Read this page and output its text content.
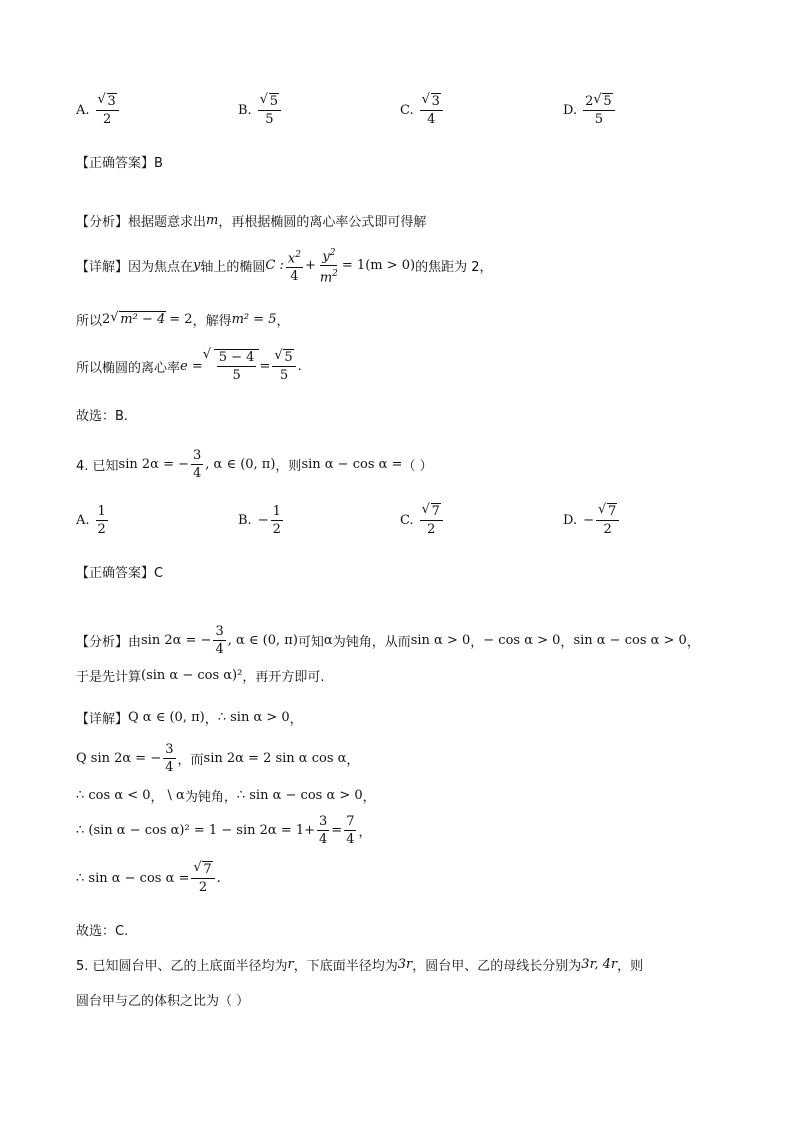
A. √ $\frac{3}{2}$	B. √ $\frac{5}{5}$	C. √ $\frac{3}{4}$	D. $\frac{2 √ 5}{5}$
【正确答案】B
【分析】根据题意求出 m ，再根据椭圆的离心率公式即可得解
【详解】因为焦点在 y 轴上的椭圆 C : $\frac{x^2}{4} + \frac{y^2}{m^2} = 1(m > 0)$ 的焦距为 2，
所以 2 √ m² − 4 = 2 ，解得 m² = 5 ，
所以椭圆的离心率 e = √ $\frac{5 - 4}{5}$ = √ $\frac{5}{5}$ .
故选：B.
4. 已知 sin 2α = − $\frac{3}{4}$ , α ∈ (0, π) ，则 sin α − cos α = （ ）
A. $\frac{1}{2}$	B. − $\frac{1}{2}$	C. √ $\frac{7}{2}$	D. − √ $\frac{7}{2}$
【正确答案】C
【分析】由 sin 2α = − $\frac{3}{4}$ , α ∈ (0, π) 可知 α 为钝角，从而 sin α > 0 ， − cos α > 0 ， sin α − cos α > 0 ，
于是先计算 (sin α − cos α)² ，再开方即可.
【详解】 Q α ∈ (0, π) ， ∴ sin α > 0 ，
Q sin 2α = − $\frac{3}{4}$ ，而 sin 2α = 2 sin α cos α ，
∴ cos α < 0 ， \ α 为钝角， ∴ sin α − cos α > 0 ，
∴ (sin $\alpha - \cos \alpha)^2 = 1 - \sin 2\alpha = 1+ \frac{3}{4} = \frac{7}{4}$ ，
∴ sin α − cos α = √ $\frac{7}{2}$ .
故选：C.
5. 已知圆台甲、乙的上底面半径均为 r ，下底面半径均为 3r ，圆台甲、乙的母线长分别为 3r, 4r ，则
圆台甲与乙的体积之比为（ ）
